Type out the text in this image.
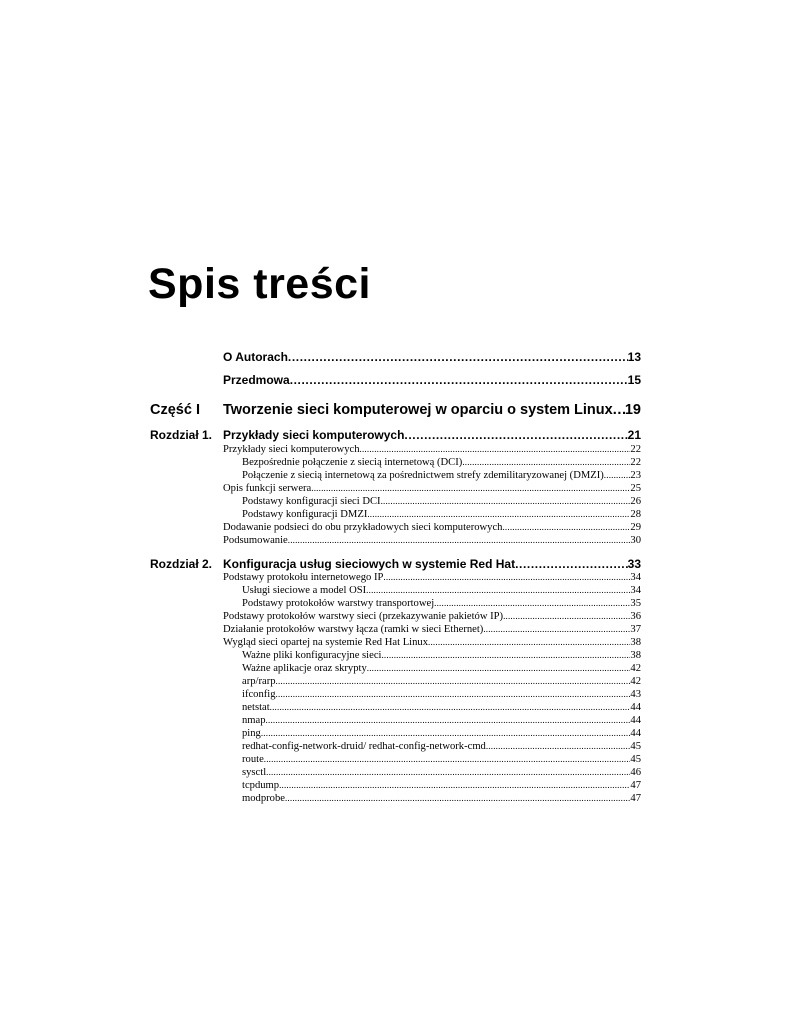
Spis treści
O Autorach .....	13
Przedmowa .....	15
Część I Tworzenie sieci komputerowej w oparciu o system Linux ..... 19
Rozdział 1. Przykłady sieci komputerowych .....	21
Przykłady sieci komputerowych .....	22
Bezpośrednie połączenie z siecią internetową (DCI) .....	22
Połączenie z siecią internetową za pośrednictwem strefy zdemilitaryzowanej (DMZI) .....	23
Opis funkcji serwera .....	25
Podstawy konfiguracji sieci DCI .....	26
Podstawy konfiguracji DMZI .....	28
Dodawanie podsieci do obu przykładowych sieci komputerowych .....	29
Podsumowanie .....	30
Rozdział 2. Konfiguracja usług sieciowych w systemie Red Hat .....	33
Podstawy protokołu internetowego IP .....	34
Usługi sieciowe a model OSI .....	34
Podstawy protokołów warstwy transportowej .....	35
Podstawy protokołów warstwy sieci (przekazywanie pakietów IP) .....	36
Działanie protokołów warstwy łącza (ramki w sieci Ethernet) .....	37
Wygląd sieci opartej na systemie Red Hat Linux .....	38
Ważne pliki konfiguracyjne sieci .....	38
Ważne aplikacje oraz skrypty .....	42
arp/rarp .....	42
ifconfig .....	43
netstat .....	44
nmap .....	44
ping .....	44
redhat-config-network-druid/ redhat-config-network-cmd .....	45
route .....	45
sysctl .....	46
tcpdump .....	47
modprobe .....	47
